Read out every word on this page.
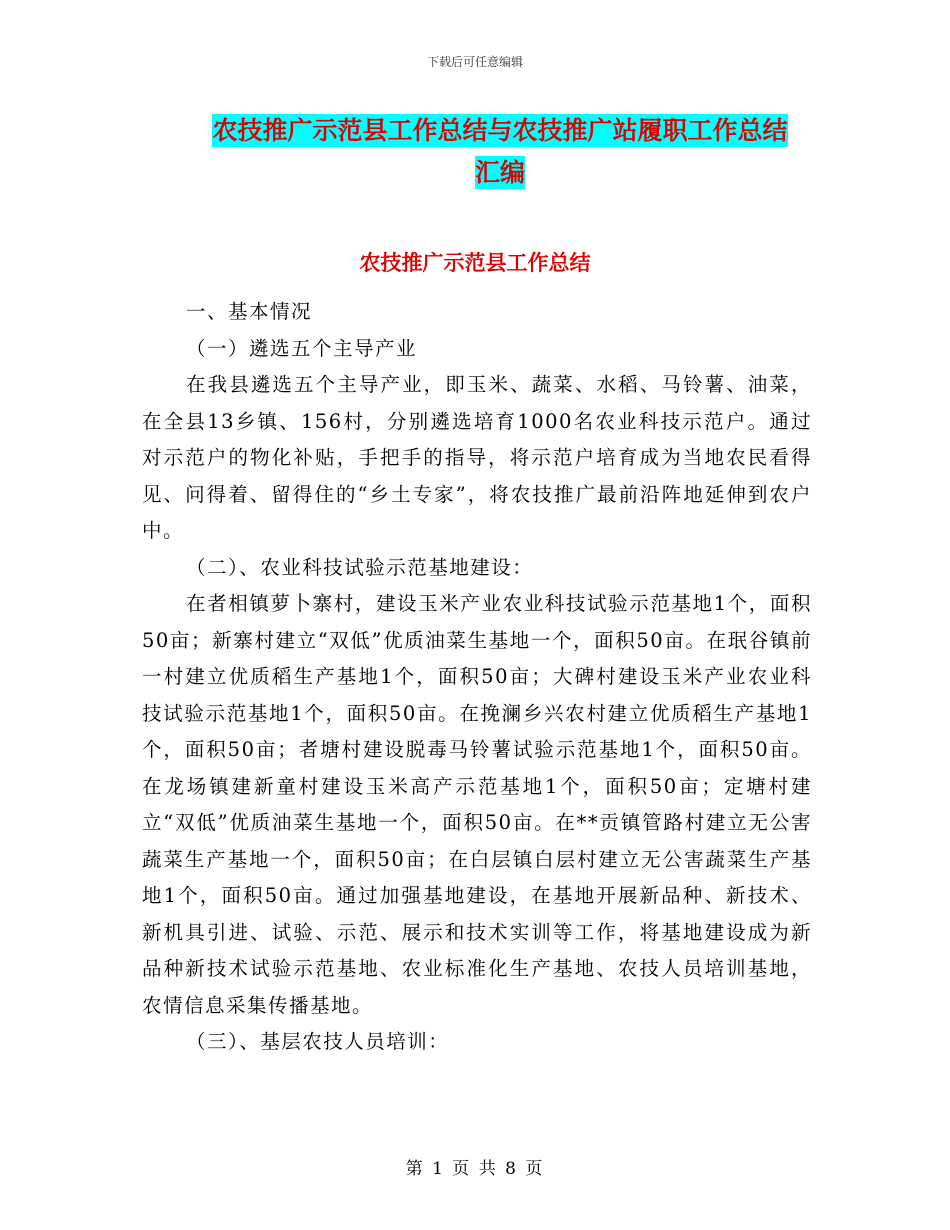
下载后可任意编辑
农技推广示范县工作总结与农技推广站履职工作总结
汇编
农技推广示范县工作总结

一、基本情况

（一）遴选五个主导产业

在我县遴选五个主导产业，即玉米、蔬菜、水稻、马铃薯、油菜，在全县13乡镇、156村，分别遴选培育1000名农业科技示范户。通过对示范户的物化补贴，手把手的指导，将示范户培育成为当地农民看得见、问得着、留得住的“乡土专家”，将农技推广最前沿阵地延伸到农户中。

（二）、农业科技试验示范基地建设：

在者相镇萝卜寨村，建设玉米产业农业科技试验示范基地1个，面积50亩；新寨村建立“双低”优质油菜生基地一个，面积50亩。在珉谷镇前一村建立优质稻生产基地1个，面积50亩；大碑村建设玉米产业农业科技试验示范基地1个，面积50亩。在挽澜乡兴农村建立优质稻生产基地1个，面积50亩；者塘村建设脱毒马铃薯试验示范基地1个，面积50亩。在龙场镇建新童村建设玉米高产示范基地1个，面积50亩；定塘村建立“双低”优质油菜生基地一个，面积50亩。在**贡镇管路村建立无公害蔬菜生产基地一个，面积50亩；在白层镇白层村建立无公害蔬菜生产基地1个，面积50亩。通过加强基地建设，在基地开展新品种、新技术、新机具引进、试验、示范、展示和技术实训等工作，将基地建设成为新品种新技术试验示范基地、农业标准化生产基地、农技人员培训基地，农情信息采集传播基地。

（三）、基层农技人员培训：

第 1 页 共 8 页
